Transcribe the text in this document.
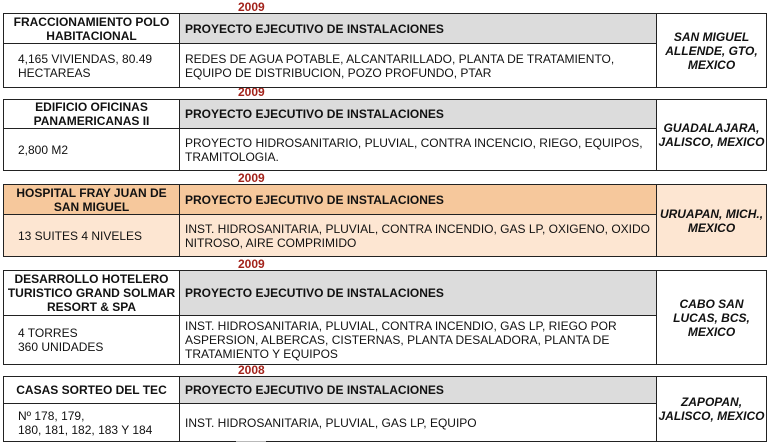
2009
2009
2009
2009
2008
FRACCIONAMIENTO POLO HABITACIONAL	PROYECTO EJECUTIVO DE INSTALACIONES	SAN MIGUEL ALLENDE, GTO, MEXICO
4,165 VIVIENDAS, 80.49 HECTAREAS	REDES DE AGUA POTABLE, ALCANTARILLADO, PLANTA DE TRATAMIENTO, EQUIPO DE DISTRIBUCION, POZO PROFUNDO, PTAR	
EDIFICIO OFICINAS PANAMERICANAS II	PROYECTO EJECUTIVO DE INSTALACIONES	GUADALAJARA, JALISCO, MEXICO
2,800 M2	PROYECTO HIDROSANITARIO, PLUVIAL, CONTRA INCENCIO, RIEGO, EQUIPOS, TRAMITOLOGIA.	
HOSPITAL FRAY JUAN DE SAN MIGUEL	PROYECTO EJECUTIVO DE INSTALACIONES	URUAPAN, MICH., MEXICO
13 SUITES 4 NIVELES	INST. HIDROSANITARIA, PLUVIAL, CONTRA INCENDIO, GAS LP, OXIGENO, OXIDO NITROSO, AIRE COMPRIMIDO	
DESARROLLO HOTELERO TURISTICO GRAND SOLMAR RESORT & SPA	PROYECTO EJECUTIVO DE INSTALACIONES	CABO SAN LUCAS, BCS, MEXICO
4 TORRES
360 UNIDADES	INST. HIDROSANITARIA, PLUVIAL, CONTRA INCENDIO, GAS LP, RIEGO POR ASPERSION, ALBERCAS, CISTERNAS, PLANTA DESALADORA, PLANTA DE TRATAMIENTO Y EQUIPOS	
CASAS SORTEO DEL TEC	PROYECTO EJECUTIVO DE INSTALACIONES	ZAPOPAN, JALISCO, MEXICO
Nº 178, 179,
180, 181, 182, 183 Y 184	INST. HIDROSANITARIA, PLUVIAL, GAS LP, EQUIPO	
